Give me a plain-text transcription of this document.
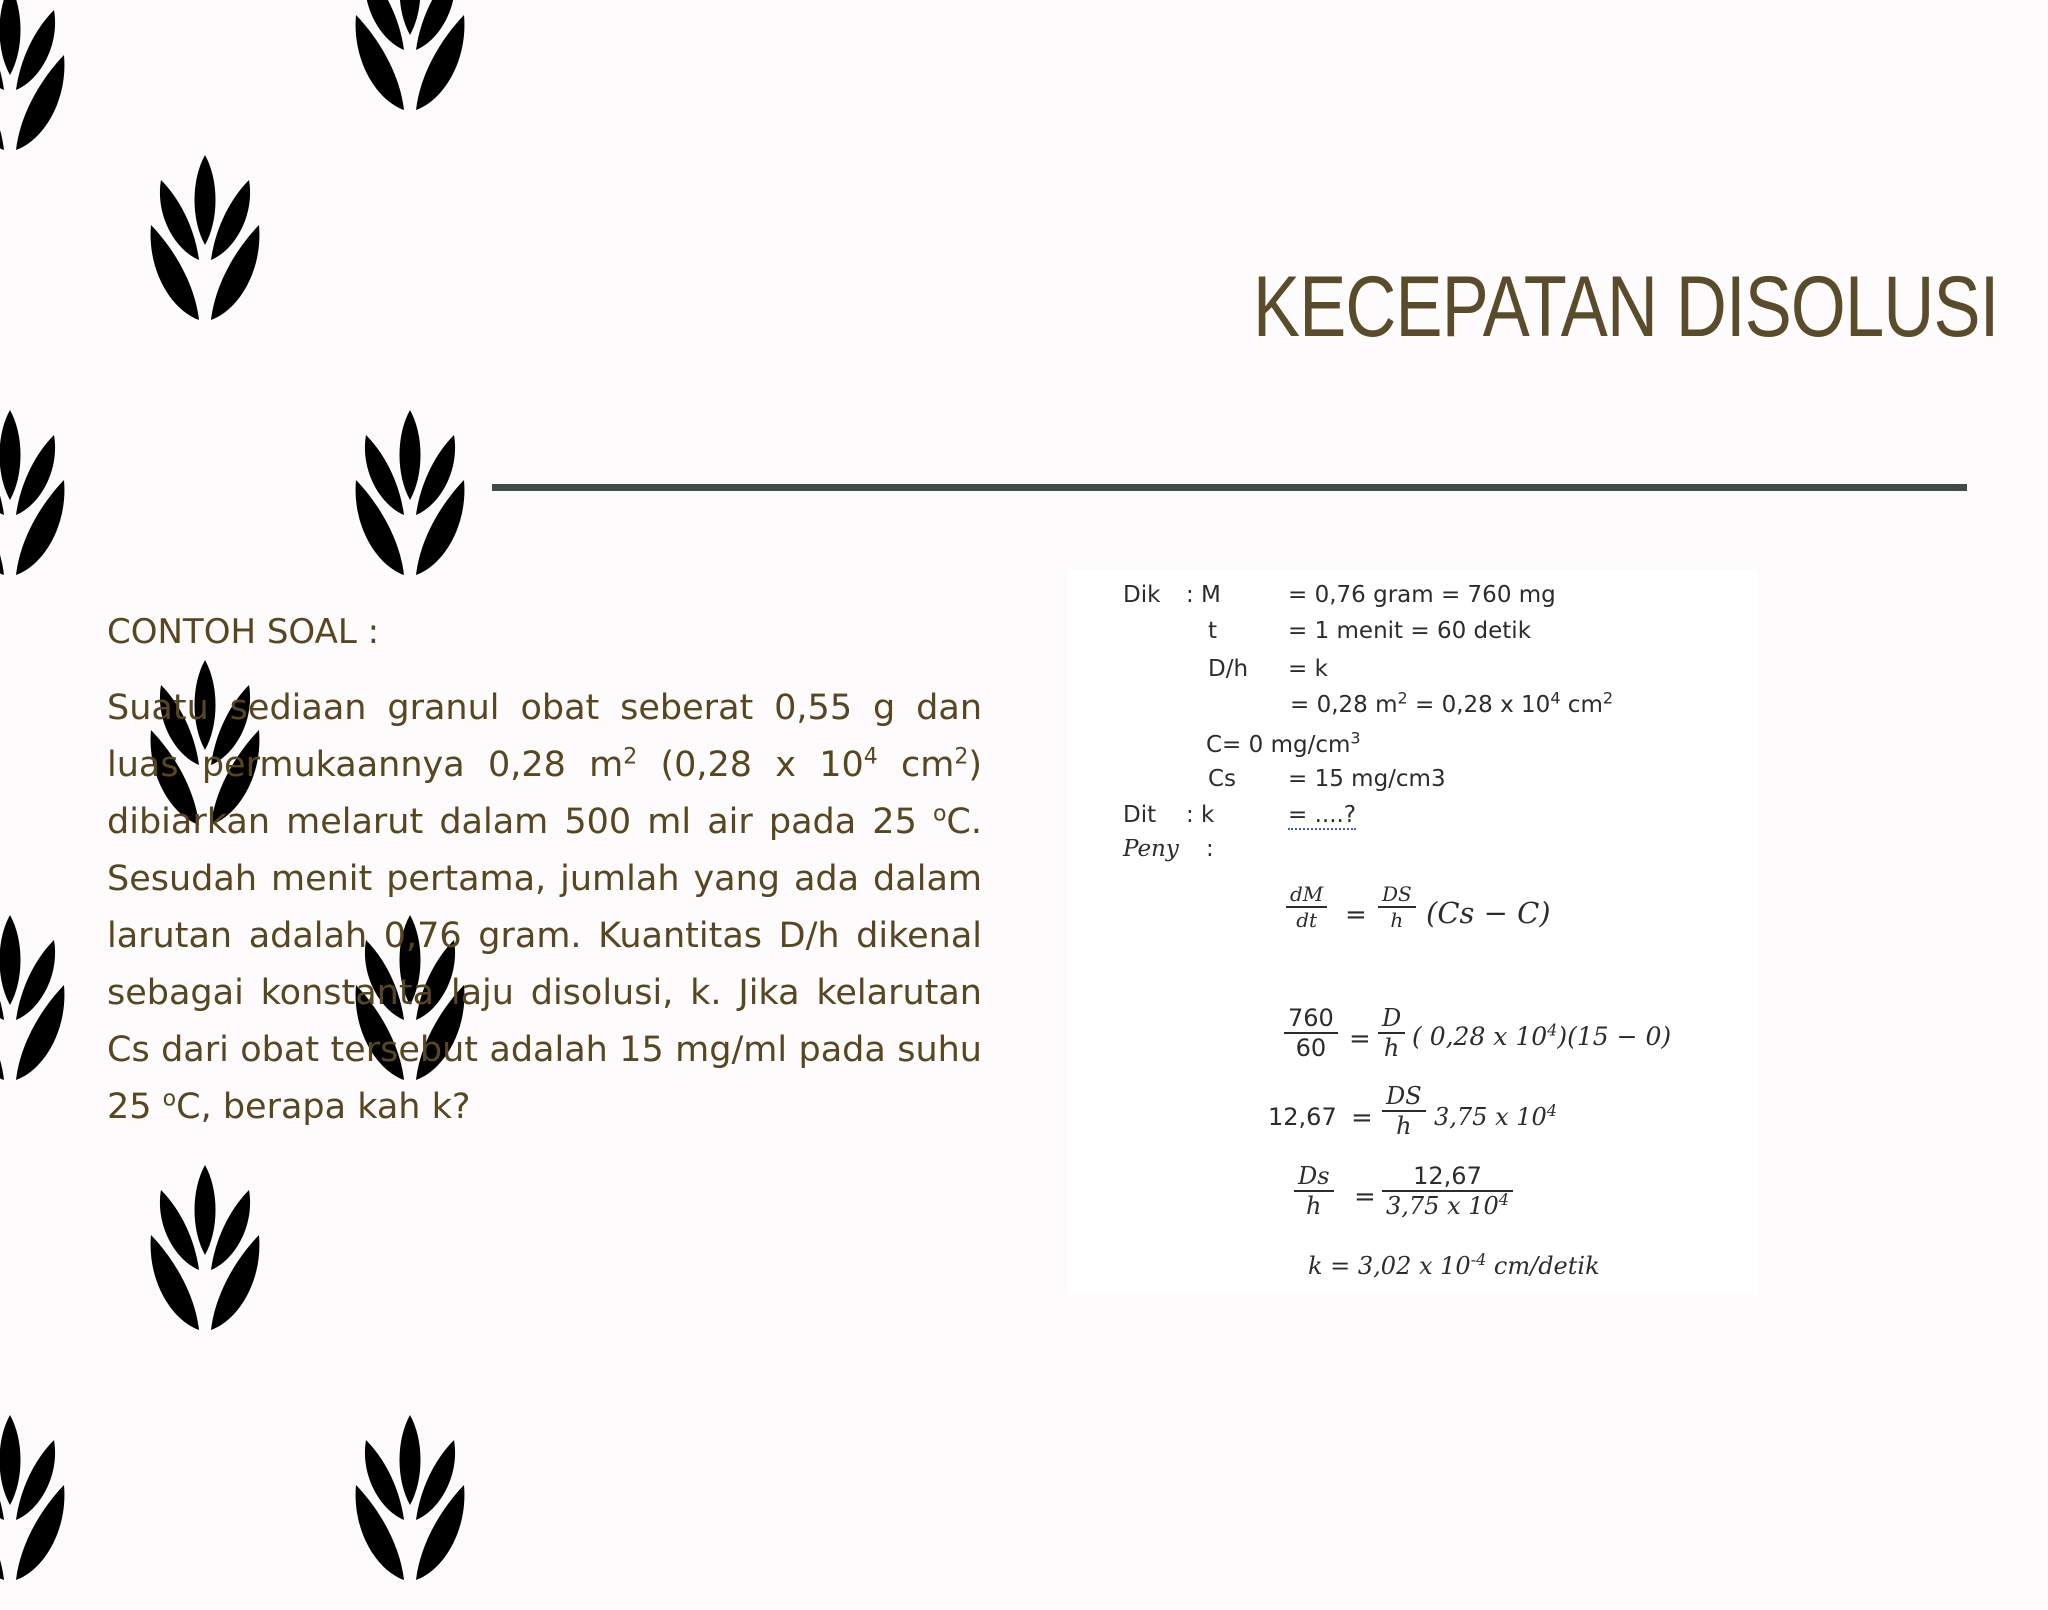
KECEPATAN DISOLUSI
CONTOH SOAL :
Suatu sediaan granul obat seberat 0,55 g dan luas permukaannya 0,28 $m^2$ (0,28 x $10^4$ $cm^2$) dibiarkan melarut dalam 500 ml air pada 25 $^o$C. Sesudah menit pertama, jumlah yang ada dalam larutan adalah 0,76 gram. Kuantitas D/h dikenal sebagai konstanta laju disolusi, k. Jika kelarutan Cs dari obat tersebut adalah 15 mg/ml pada suhu 25 $^o$C, berapa kah k?
Dik : M	= 0,76 gram = 760 mg
t	= 1 menit = 60 detik
D/h = k
= 0,28 $m^2 = 0,28$ x $10^4$ $cm^2$
C= 0 $mg/cm^3$
Cs = 15 mg/cm3
Dit : k	= ....?
Peny :
$\frac{dM}{dt} = \frac{DS}{h} (Cs - C)$
$\frac{760}{60} = \frac{D}{h}$ ( 0,28 x $10^4)(15 - 0)$
$12,67 = \frac{DS}{h} 3,75$ x $10^4$
$\frac{Ds}{h} = \frac{12,67}{3,75 x 10^4}$
k = 3,02 x $10^{-4}$ cm/detik
